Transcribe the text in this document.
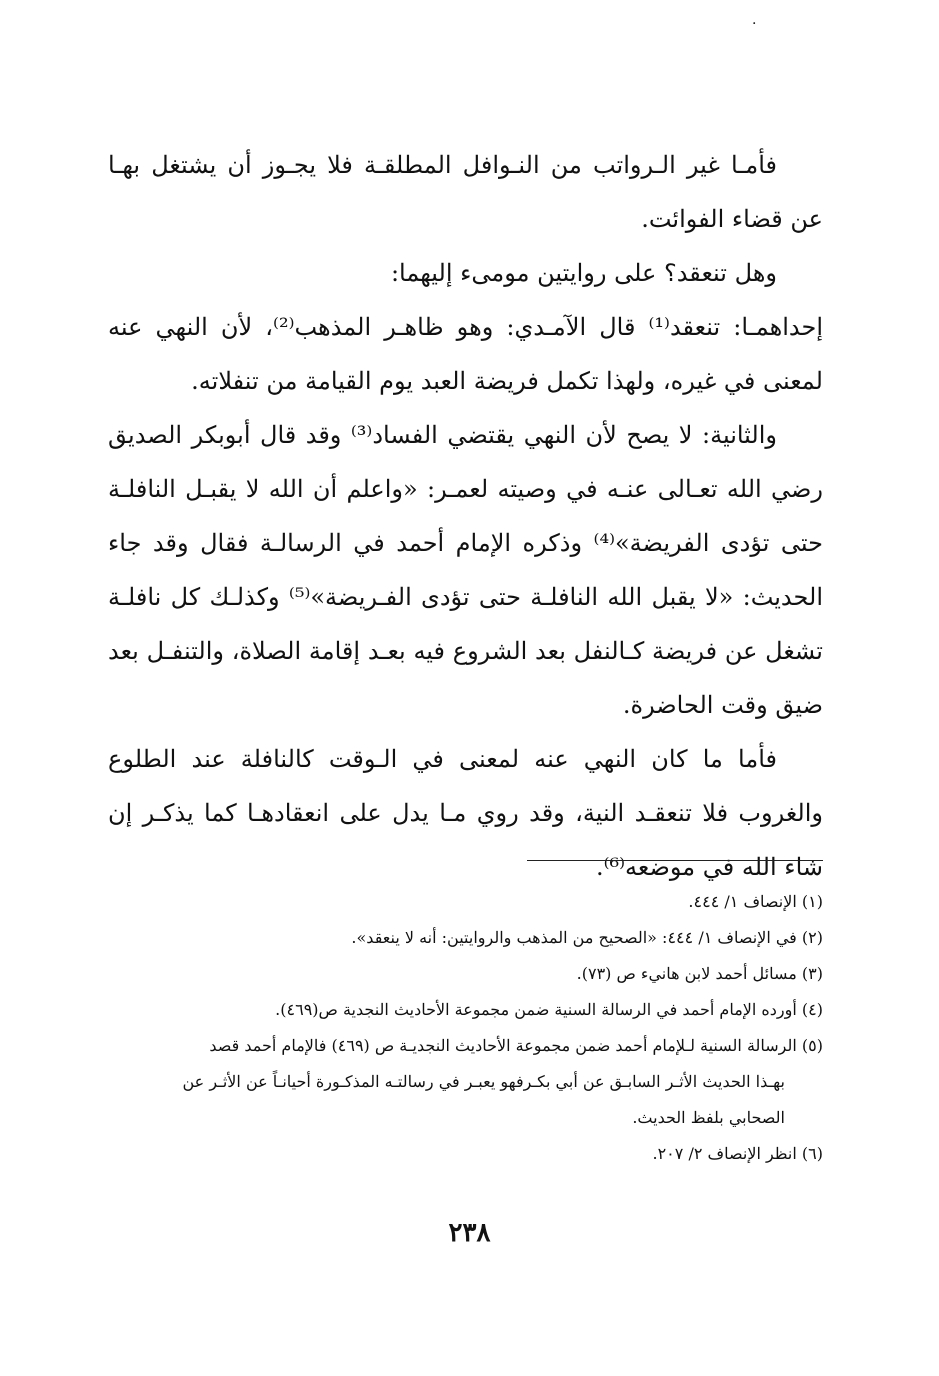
·

فأمـا غير الـرواتب من النـوافل المطلقـة فلا يجـوز أن يشتغل بهـا عن قضاء الفوائت.

وهل تنعقد؟ على روايتين مومىء إليهما:

إحداهمـا: تنعقد⁽¹⁾ قال الآمـدي: وهو ظاهـر المذهب⁽²⁾، لأن النهي عنه لمعنى في غيره، ولهذا تكمل فريضة العبد يوم القيامة من تنفلاته.

والثانية: لا يصح لأن النهي يقتضي الفساد⁽³⁾ وقد قال أبوبكر الصديق رضي الله تعـالى عنـه في وصيته لعمـر: «واعلم أن الله لا يقبـل النافلـة حتى تؤدى الفريضة»⁽⁴⁾ وذكره الإمام أحمد في الرسالـة فقال وقد جاء الحديث: «لا يقبل الله النافلـة حتى تؤدى الفـريضة»⁽⁵⁾ وكذلـك كل نافلـة تشغل عن فريضة كـالنفل بعد الشروع فيه بعـد إقامة الصلاة، والتنفـل بعد ضيق وقت الحاضرة.

فأما ما كان النهي عنه لمعنى في الـوقت كالنافلة عند الطلوع والغروب فلا تنعقـد النية، وقد روي مـا يدل على انعقادهـا كما يذكـر إن شاء الله في موضعه⁽⁶⁾.

(١) الإنصاف ١/ ٤٤٤.

(٢) في الإنصاف ١/ ٤٤٤: «الصحيح من المذهب والروايتين: أنه لا ينعقد».

(٣) مسائل أحمد لابن هانيء ص (٧٣).

(٤) أورده الإمام أحمد في الرسالة السنية ضمن مجموعة الأحاديث النجدية ص(٤٦٩).

(٥) الرسالة السنية لـلإمام أحمد ضمن مجموعة الأحاديث النجديـة ص (٤٦٩) فالإمام أحمد قصد

بهـذا الحديث الأثـر السابـق عن أبي بكـرفهو يعبـر في رسالتـه المذكـورة أحيانـاً عن الأثـر عن

الصحابي بلفظ الحديث.

(٦) انظر الإنصاف ٢/ ٢٠٧.

٢٣٨
